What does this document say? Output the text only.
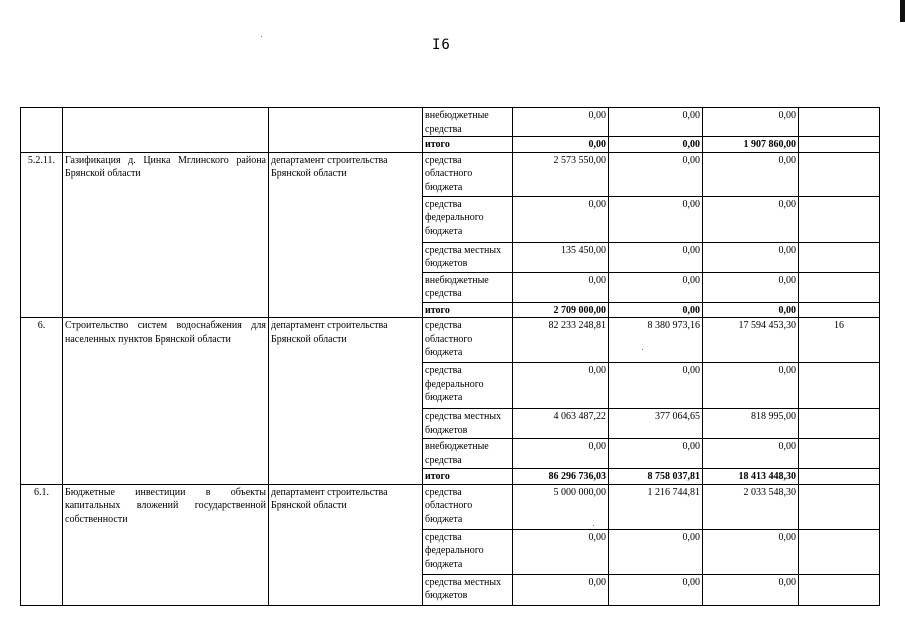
I6
			внебюджетные средства	0,00	0,00	0,00	
			итого	0,00	0,00	1 907 860,00	
5.2.11.	Газификация д. Цинка Мглинского района Брянской области	департамент строительства Брянской области	средства областного бюджета	2 573 550,00	0,00	0,00	
			средства федерального бюджета	0,00	0,00	0,00	
			средства местных бюджетов	135 450,00	0,00	0,00	
			внебюджетные средства	0,00	0,00	0,00	
			итого	2 709 000,00	0,00	0,00	
6.	Строительство систем водоснабжения для населенных пунктов Брянской области	департамент строительства Брянской области	средства областного бюджета	82 233 248,81	8 380 973,16	17 594 453,30	16
			средства федерального бюджета	0,00	0,00	0,00	
			средства местных бюджетов	4 063 487,22	377 064,65	818 995,00	
			внебюджетные средства	0,00	0,00	0,00	
			итого	86 296 736,03	8 758 037,81	18 413 448,30	
6.1.	Бюджетные инвестиции в объекты капитальных вложений государственной собственности	департамент строительства Брянской области	средства областного бюджета	5 000 000,00	1 216 744,81	2 033 548,30	
			средства федерального бюджета	0,00	0,00	0,00	
			средства местных бюджетов	0,00	0,00	0,00	
